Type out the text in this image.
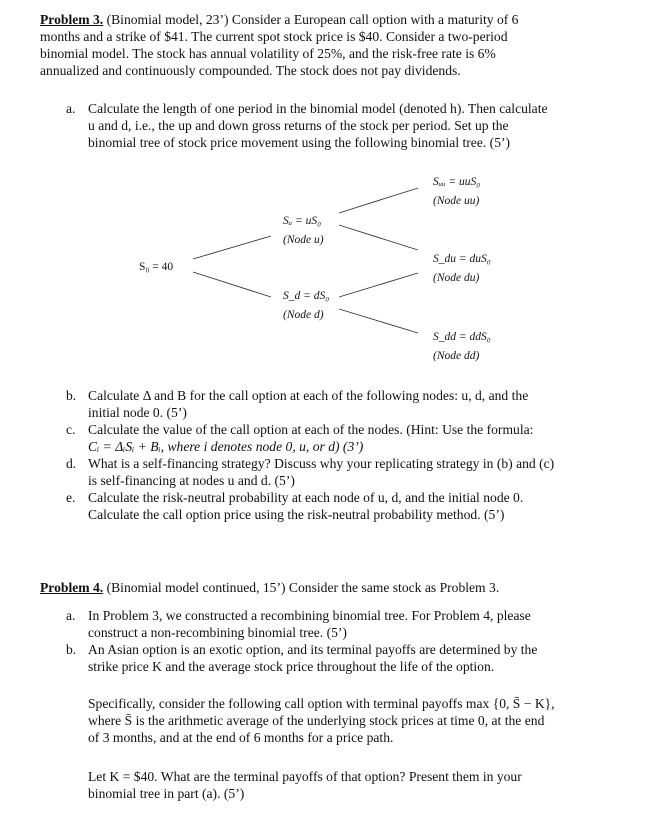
Problem 3. (Binomial model, 23’) Consider a European call option with a maturity of 6
months and a strike of $41. The current spot stock price is $40. Consider a two-period
binomial model. The stock has annual volatility of 25%, and the risk-free rate is 6%
annualized and continuously compounded. The stock does not pay dividends.
a. Calculate the length of one period in the binomial model (denoted h). Then calculate
u and d, i.e., the up and down gross returns of the stock per period. Set up the
binomial tree of stock price movement using the following binomial tree. (5’)
S₀ = 40
Sᵤ = uS₀
(Node u)
S_d = dS₀
(Node d)
Sᵤᵤ = uuS₀
(Node uu)
S_du = duS₀
(Node du)
S_dd = ddS₀
(Node dd)
b. Calculate Δ and B for the call option at each of the following nodes: u, d, and the
initial node 0. (5’)
c. Calculate the value of the call option at each of the nodes. (Hint: Use the formula:
Cᵢ = ΔᵢSᵢ + Bᵢ, where i denotes node 0, u, or d) (3’)
d. What is a self-financing strategy? Discuss why your replicating strategy in (b) and (c)
is self-financing at nodes u and d. (5’)
e. Calculate the risk-neutral probability at each node of u, d, and the initial node 0.
Calculate the call option price using the risk-neutral probability method. (5’)
Problem 4. (Binomial model continued, 15’) Consider the same stock as Problem 3.
a. In Problem 3, we constructed a recombining binomial tree. For Problem 4, please
construct a non-recombining binomial tree. (5’)
b. An Asian option is an exotic option, and its terminal payoffs are determined by the
strike price K and the average stock price throughout the life of the option.
Specifically, consider the following call option with terminal payoffs max {0, S̄ − K},
where S̄ is the arithmetic average of the underlying stock prices at time 0, at the end
of 3 months, and at the end of 6 months for a price path.
Let K = $40. What are the terminal payoffs of that option? Present them in your
binomial tree in part (a). (5’)
